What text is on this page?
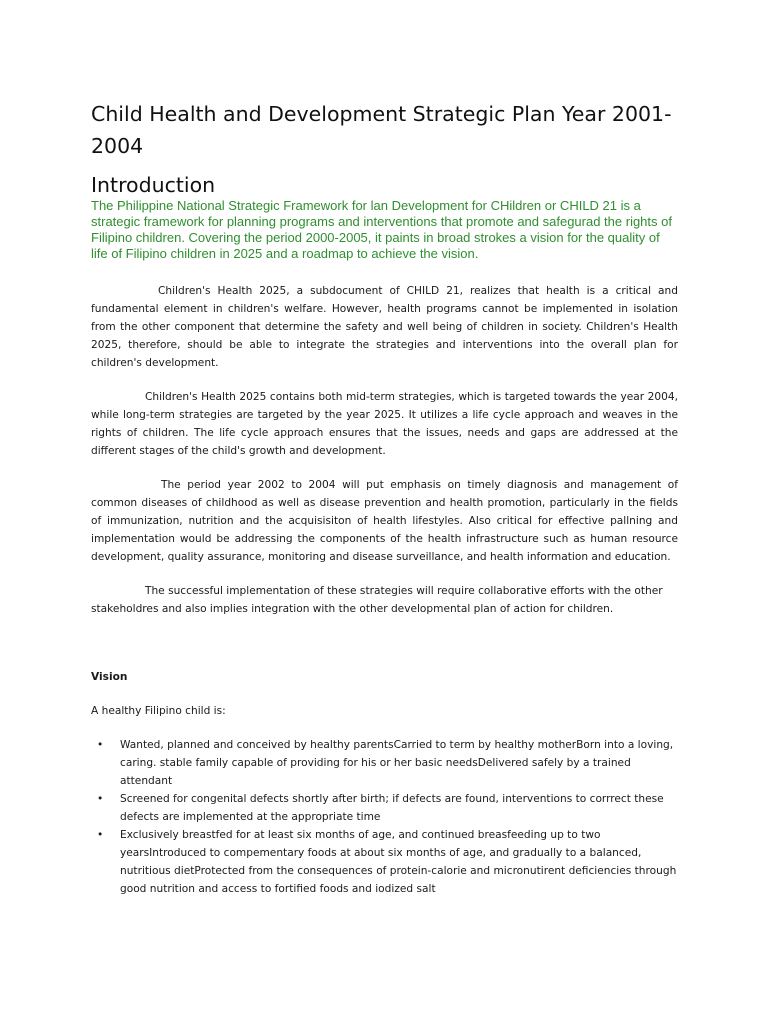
Child Health and Development Strategic Plan Year 2001-2004
Introduction

The Philippine National Strategic Framework for lan Development for CHildren or CHILD 21 is a strategic framework for planning programs and interventions that promote and safegurad the rights of Filipino children. Covering the period 2000-2005, it paints in broad strokes a vision for the quality of life of Filipino children in 2025 and a roadmap to achieve the vision.

Children's Health 2025, a subdocument of CHILD 21, realizes that health is a critical and fundamental element in children's welfare. However, health programs cannot be implemented in isolation from the other component that determine the safety and well being of children in society. Children's Health 2025, therefore, should be able to integrate the strategies and interventions into the overall plan for children's development.

Children's Health 2025 contains both mid-term strategies, which is targeted towards the year 2004, while long-term strategies are targeted by the year 2025. It utilizes a life cycle approach and weaves in the rights of children. The life cycle approach ensures that the issues, needs and gaps are addressed at the different stages of the child's growth and development.

The period year 2002 to 2004 will put emphasis on timely diagnosis and management of common diseases of childhood as well as disease prevention and health promotion, particularly in the fields of immunization, nutrition and the acquisisiton of health lifestyles. Also critical for effective pallning and implementation would be addressing the components of the health infrastructure such as human resource development, quality assurance, monitoring and disease surveillance, and health information and education.

The successful implementation of these strategies will require collaborative efforts with the other stakeholdres and also implies integration with the other developmental plan of action for children.

Vision
A healthy Filipino child is:
• Wanted, planned and conceived by healthy parentsCarried to term by healthy motherBorn into a loving, caring. stable family capable of providing for his or her basic needsDelivered safely by a trained attendant
• Screened for congenital defects shortly after birth; if defects are found, interventions to corrrect these defects are implemented at the appropriate time
• Exclusively breastfed for at least six months of age, and continued breasfeeding up to two yearsIntroduced to compementary foods at about six months of age, and gradually to a balanced, nutritious dietProtected from the consequences of protein-calorie and micronutirent deficiencies through good nutrition and access to fortified foods and iodized salt
